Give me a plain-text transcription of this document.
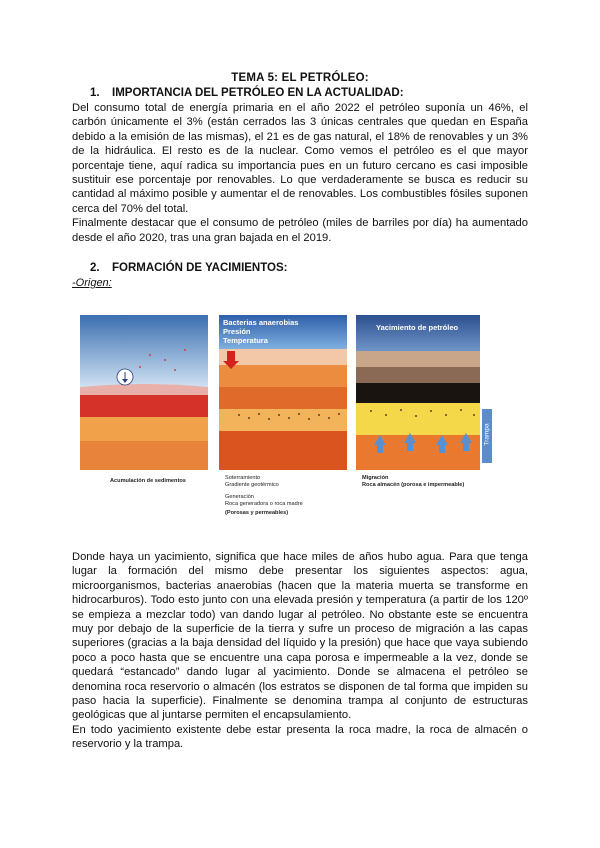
TEMA 5: EL PETRÓLEO:
1. IMPORTANCIA DEL PETRÓLEO EN LA ACTUALIDAD:

Del consumo total de energía primaria en el año 2022 el petróleo suponía un 46%, el carbón únicamente el 3% (están cerrados las 3 únicas centrales que quedan en España debido a la emisión de las mismas), el 21 es de gas natural, el 18% de renovables y un 3% de la hidráulica. El resto es de la nuclear. Como vemos el petróleo es el que mayor porcentaje tiene, aquí radica su importancia pues en un futuro cercano es casi imposible sustituir ese porcentaje por renovables. Lo que verdaderamente se busca es reducir su cantidad al máximo posible y aumentar el de renovables. Los combustibles fósiles suponen cerca del 70% del total.

Finalmente destacar que el consumo de petróleo (miles de barriles por día) ha aumentado desde el año 2020, tras una gran bajada en el 2019.

2. FORMACIÓN DE YACIMIENTOS:
-Origen:
Bacterias anaerobias
Presión
Temperatura
Yacimiento de petróleo
Trampa
Acumulación de sedimentos	Soterramiento
Gradiente geotérmico
Generación
Roca generadora o roca madre
(Porosas y permeables)
Migración
Roca almacén (porosa e impermeable)

Donde haya un yacimiento, significa que hace miles de años hubo agua. Para que tenga lugar la formación del mismo debe presentar los siguientes aspectos: agua, microorganismos, bacterias anaerobias (hacen que la materia muerta se transforme en hidrocarburos). Todo esto junto con una elevada presión y temperatura (a partir de los 120º se empieza a mezclar todo) van dando lugar al petróleo. No obstante este se encuentra muy por debajo de la superficie de la tierra y sufre un proceso de migración a las capas superiores (gracias a la baja densidad del líquido y la presión) que hace que vaya subiendo poco a poco hasta que se encuentre una capa porosa e impermeable a la vez, donde se quedará “estancado” dando lugar al yacimiento. Donde se almacena el petróleo se denomina roca reservorio o almacén (los estratos se disponen de tal forma que impiden su paso hacia la superficie). Finalmente se denomina trampa al conjunto de estructuras geológicas que al juntarse permiten el encapsulamiento.

En todo yacimiento existente debe estar presenta la roca madre, la roca de almacén o reservorio y la trampa.
